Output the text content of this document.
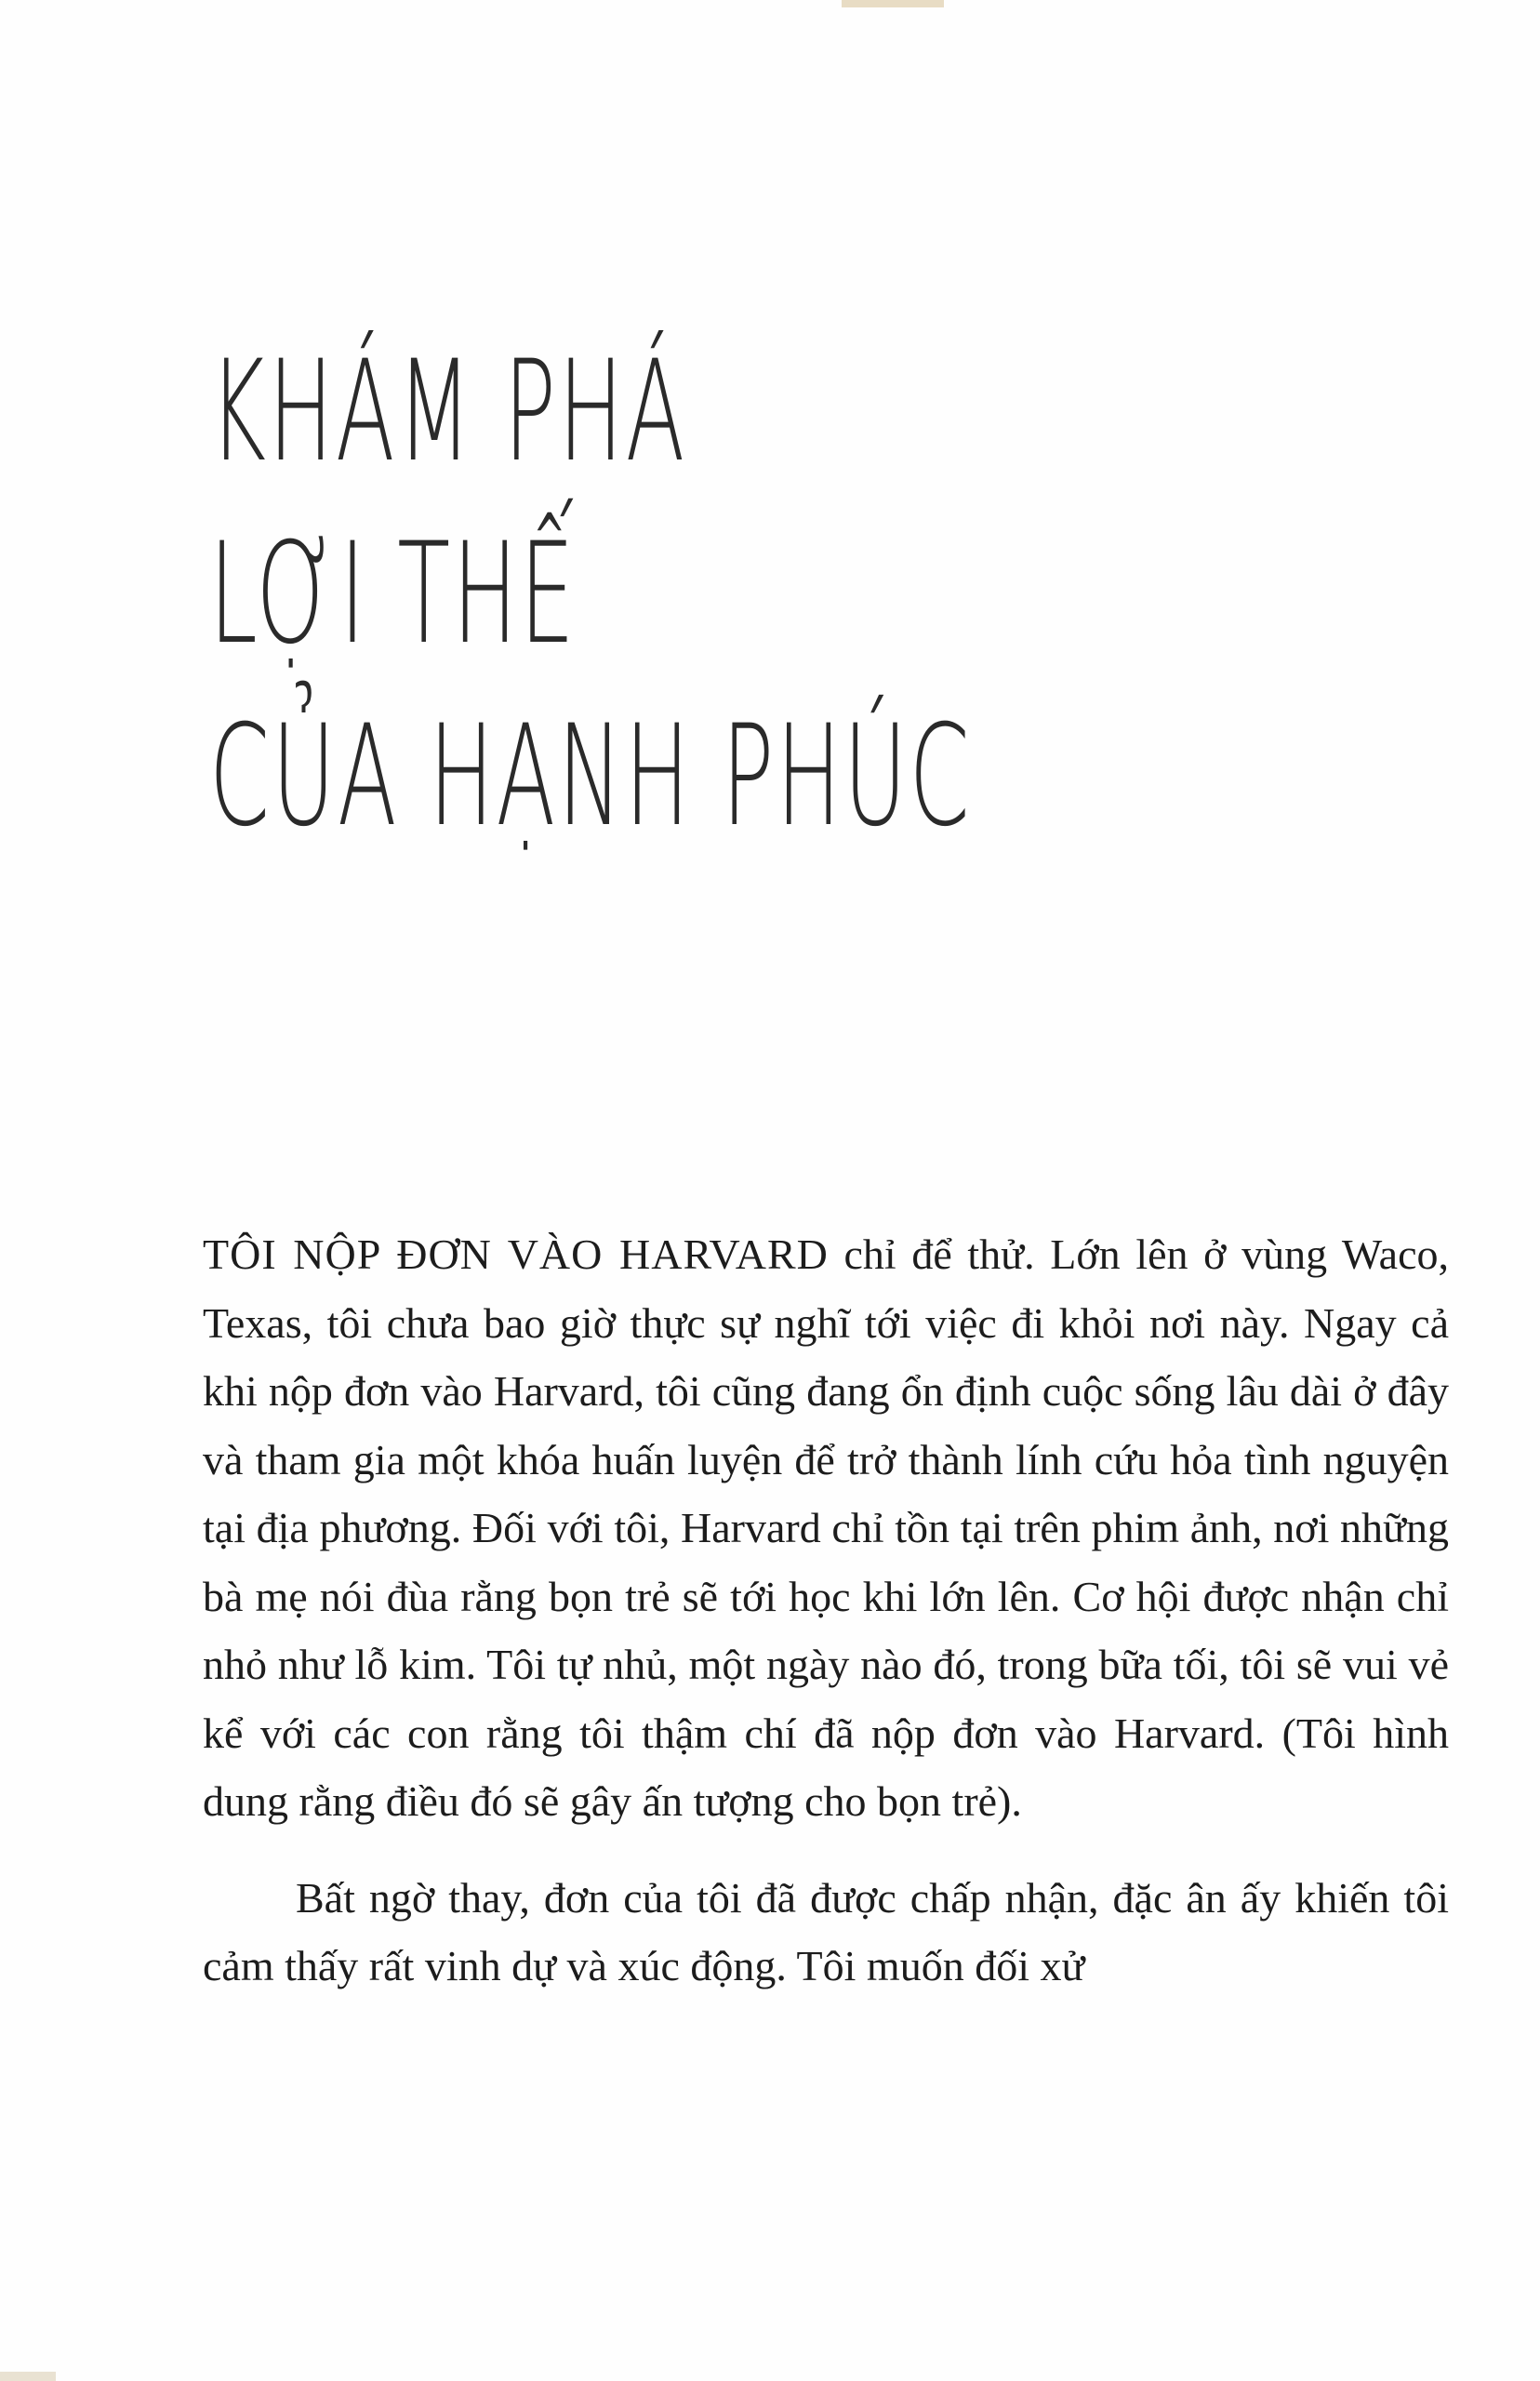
KHÁM PHÁ
LỢI THẾ
CỦA HẠNH PHÚC

TÔI NỘP ĐƠN VÀO HARVARD chỉ để thử. Lớn lên ở vùng Waco, Texas, tôi chưa bao giờ thực sự nghĩ tới việc đi khỏi nơi này. Ngay cả khi nộp đơn vào Harvard, tôi cũng đang ổn định cuộc sống lâu dài ở đây và tham gia một khóa huấn luyện để trở thành lính cứu hỏa tình nguyện tại địa phương. Đối với tôi, Harvard chỉ tồn tại trên phim ảnh, nơi những bà mẹ nói đùa rằng bọn trẻ sẽ tới học khi lớn lên. Cơ hội được nhận chỉ nhỏ như lỗ kim. Tôi tự nhủ, một ngày nào đó, trong bữa tối, tôi sẽ vui vẻ kể với các con rằng tôi thậm chí đã nộp đơn vào Harvard. (Tôi hình dung rằng điều đó sẽ gây ấn tượng cho bọn trẻ).

Bất ngờ thay, đơn của tôi đã được chấp nhận, đặc ân ấy khiến tôi cảm thấy rất vinh dự và xúc động. Tôi muốn đối xử
